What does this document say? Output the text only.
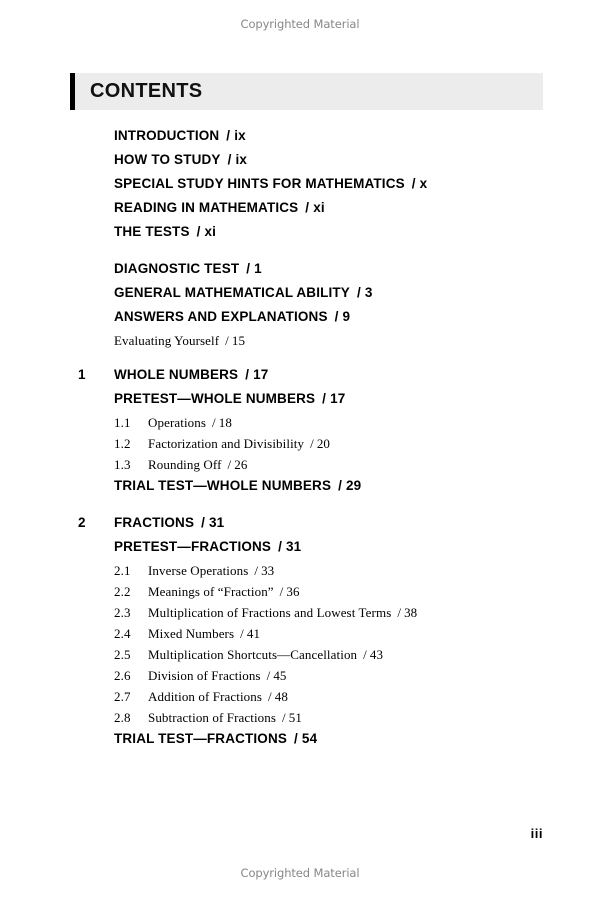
Copyrighted Material
CONTENTS
INTRODUCTION / ix
HOW TO STUDY / ix
SPECIAL STUDY HINTS FOR MATHEMATICS / x
READING IN MATHEMATICS / xi
THE TESTS / xi
DIAGNOSTIC TEST / 1
GENERAL MATHEMATICAL ABILITY / 3
ANSWERS AND EXPLANATIONS / 9
Evaluating Yourself / 15
1	WHOLE NUMBERS / 17
PRETEST—WHOLE NUMBERS / 17
1.1	Operations / 18
1.2	Factorization and Divisibility / 20
1.3	Rounding Off / 26
TRIAL TEST—WHOLE NUMBERS / 29
2	FRACTIONS / 31
PRETEST—FRACTIONS / 31
2.1	Inverse Operations / 33
2.2	Meanings of “Fraction” / 36
2.3	Multiplication of Fractions and Lowest Terms / 38
2.4	Mixed Numbers / 41
2.5	Multiplication Shortcuts—Cancellation / 43
2.6	Division of Fractions / 45
2.7	Addition of Fractions / 48
2.8	Subtraction of Fractions / 51
TRIAL TEST—FRACTIONS / 54
iii
Copyrighted Material
